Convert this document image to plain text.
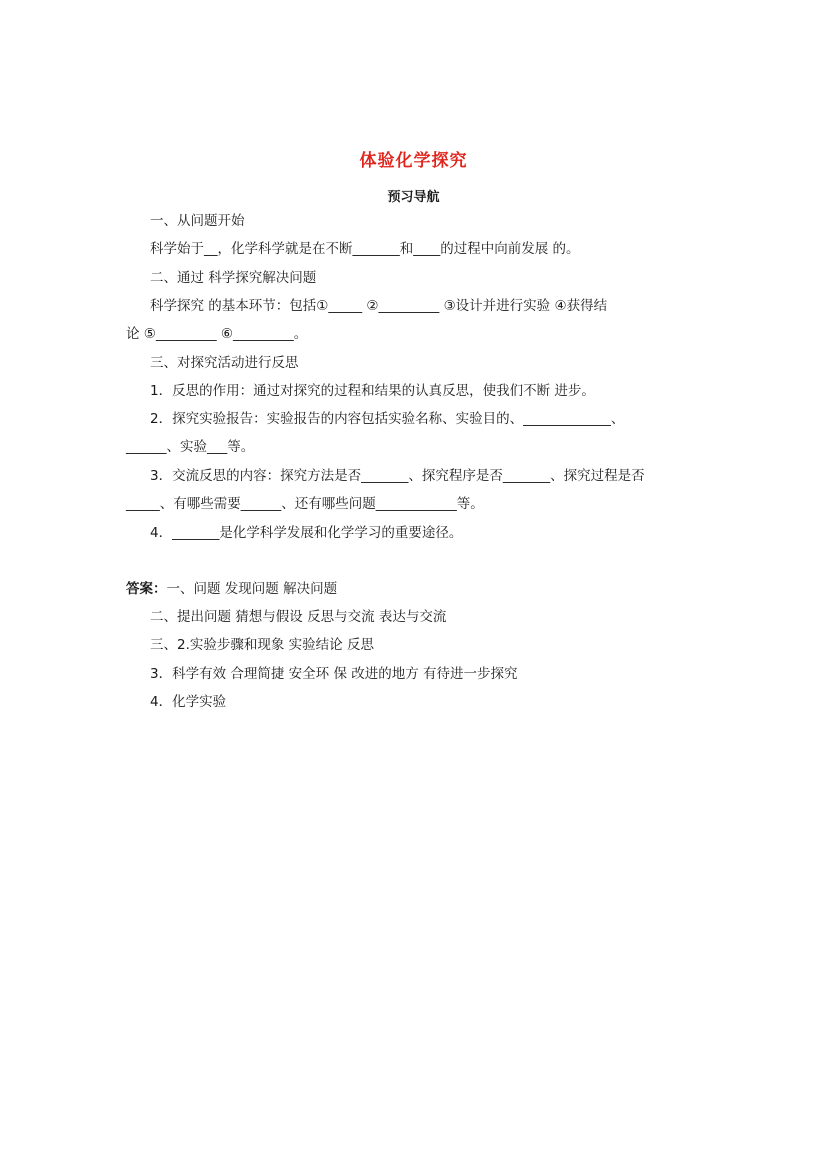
体验化学探究
预习导航
一、从问题开始
科学始于__，化学科学就是在不断_______和____的过程中向前发展 的。
二、通过 科学探究解决问题
科学探究 的基本环节：包括①_____ ②_________ ③设计并进行实验 ④获得结
论 ⑤_________ ⑥_________。
三、对探究活动进行反思
1．反思的作用：通过对探究的过程和结果的认真反思，使我们不断 进步。
2．探究实验报告：实验报告的内容包括实验名称、实验目的、_____________、
______、实验___等。
3．交流反思的内容：探究方法是否_______、探究程序是否_______、探究过程是否
_____、有哪些需要______、还有哪些问题____________等。
4．_______是化学科学发展和化学学习的重要途径。
答案：一、问题 发现问题 解决问题
二、提出问题 猜想与假设 反思与交流 表达与交流
三、2.实验步骤和现象 实验结论 反思
3．科学有效 合理简捷 安全环 保 改进的地方 有待进一步探究
4．化学实验
